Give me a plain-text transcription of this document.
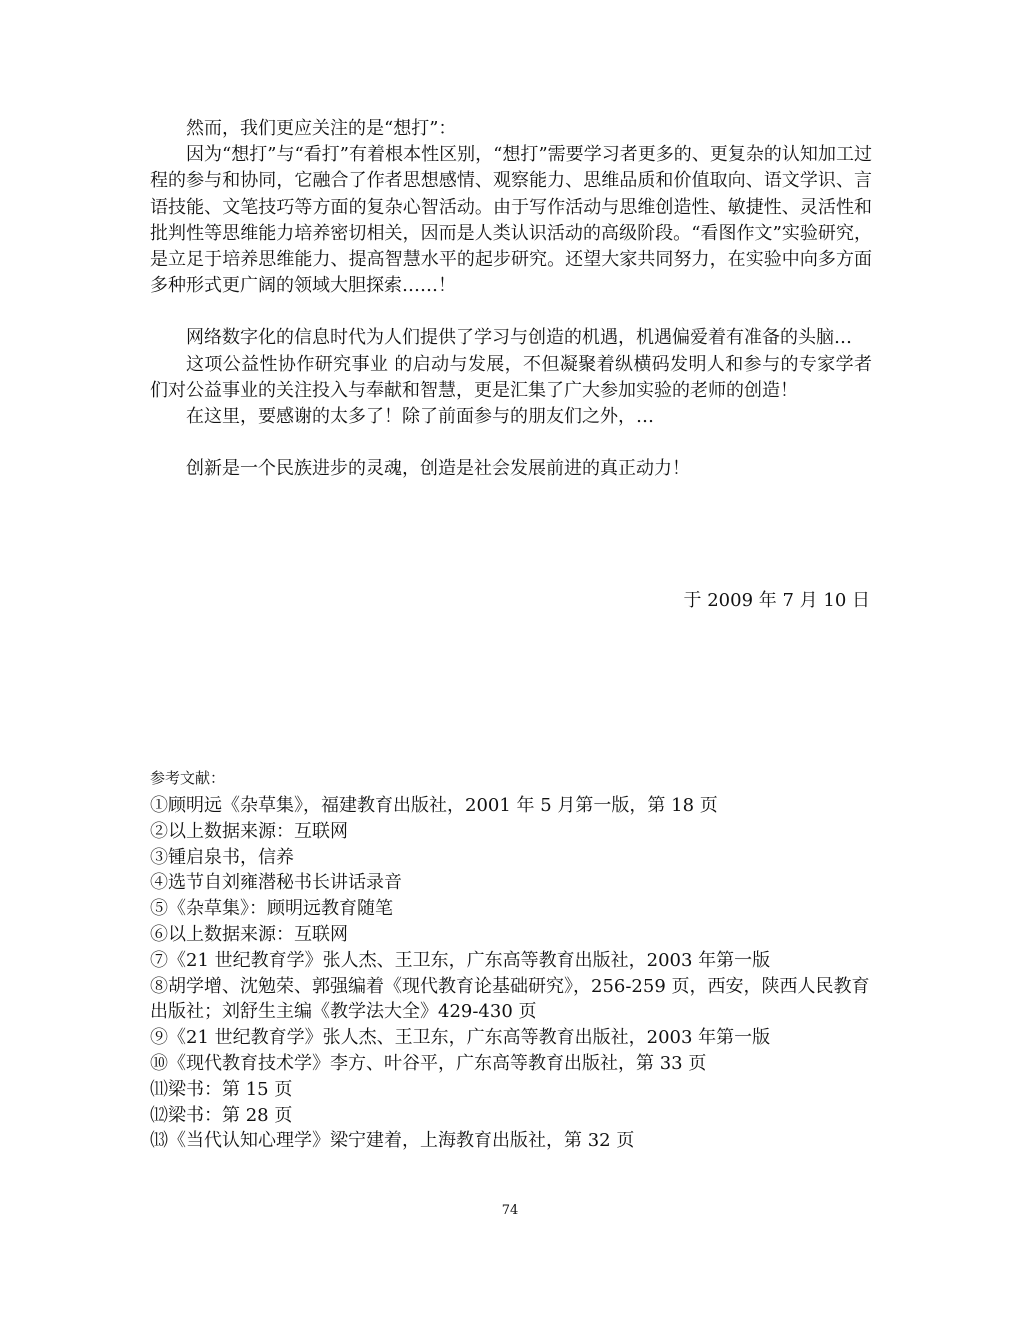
然而，我们更应关注的是“想打”：

因为“想打”与“看打”有着根本性区别，“想打”需要学习者更多的、更复杂的认知加工过程的参与和协同，它融合了作者思想感情、观察能力、思维品质和价值取向、语文学识、言语技能、文笔技巧等方面的复杂心智活动。由于写作活动与思维创造性、敏捷性、灵活性和批判性等思维能力培养密切相关，因而是人类认识活动的高级阶段。“看图作文”实验研究，是立足于培养思维能力、提高智慧水平的起步研究。还望大家共同努力，在实验中向多方面多种形式更广阔的领域大胆探索……！

网络数字化的信息时代为人们提供了学习与创造的机遇，机遇偏爱着有准备的头脑…

这项公益性协作研究事业 的启动与发展，不但凝聚着纵横码发明人和参与的专家学者们对公益事业的关注投入与奉献和智慧，更是汇集了广大参加实验的老师的创造！

在这里，要感谢的太多了！除了前面参与的朋友们之外，…

创新是一个民族进步的灵魂，创造是社会发展前进的真正动力！

于 2009 年 7 月 10 日
参考文献：
①顾明远《杂草集》，福建教育出版社，2001 年 5 月第一版，第 18 页
②以上数据来源：互联网
③锺启泉书，信养
④选节自刘雍潜秘书长讲话录音
⑤《杂草集》：顾明远教育随笔
⑥以上数据来源：互联网
⑦《21 世纪教育学》张人杰、王卫东，广东高等教育出版社，2003 年第一版
⑧胡学增、沈勉荣、郭强编着《现代教育论基础研究》，256-259 页，西安，陕西人民教育出版社；刘舒生主编《教学法大全》429-430 页
⑨《21 世纪教育学》张人杰、王卫东，广东高等教育出版社，2003 年第一版
⑩《现代教育技术学》李方、叶谷平，广东高等教育出版社，第 33 页
⑾梁书：第 15 页
⑿梁书：第 28 页
⒀《当代认知心理学》梁宁建着，上海教育出版社，第 32 页
74
